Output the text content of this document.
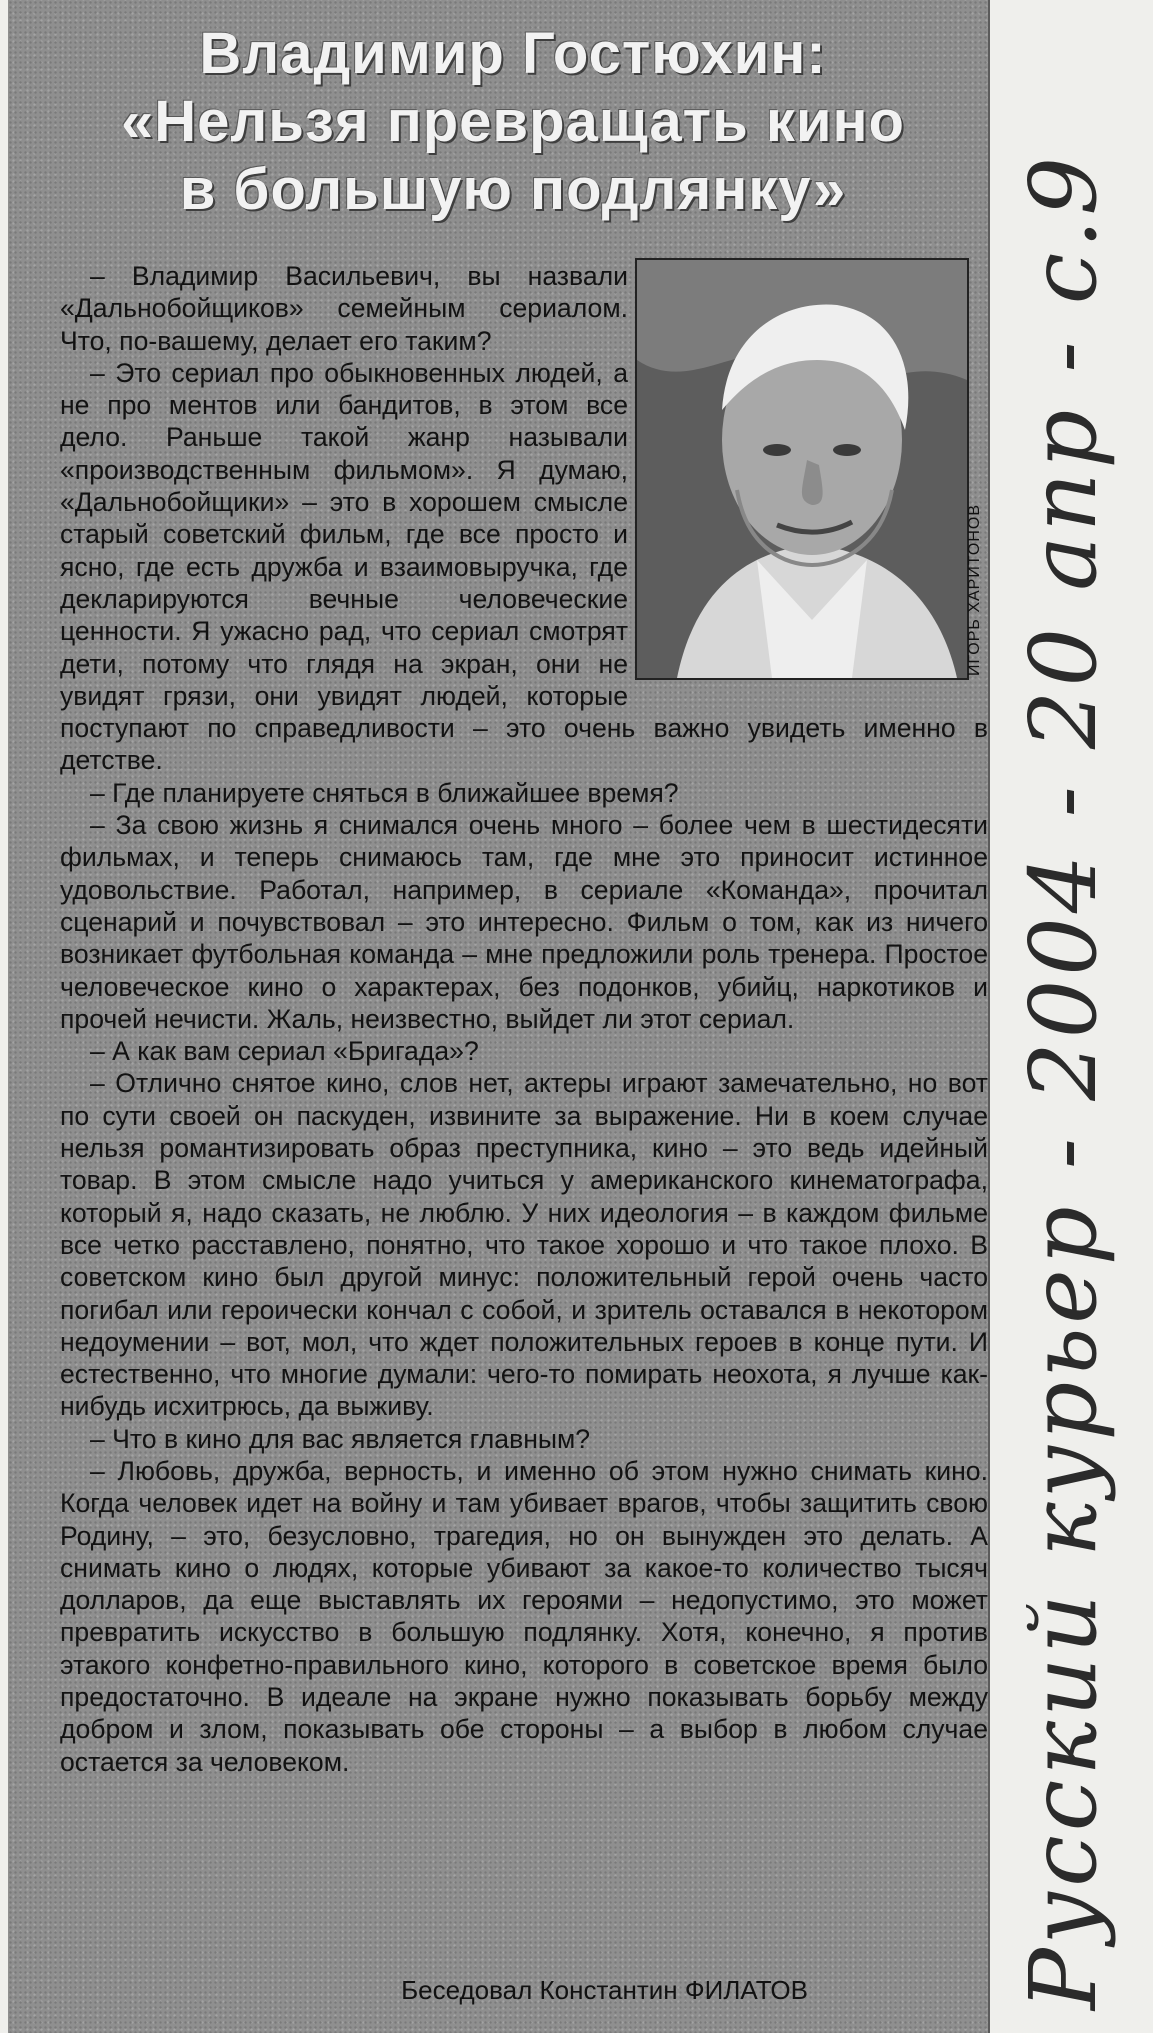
Владимир Гостюхин:
«Нельзя превращать кино
в большую подлянку»
ИГОРЬ ХАРИТОНОВ

– Владимир Васильевич, вы назвали «Дальнобойщиков» семейным сериалом. Что, по-вашему, делает его таким?

– Это сериал про обыкновенных людей, а не про ментов или бандитов, в этом все дело. Раньше такой жанр называли «производственным фильмом». Я думаю, «Дальнобойщики» – это в хорошем смысле старый советский фильм, где все просто и ясно, где есть дружба и взаимовыручка, где декларируются вечные человеческие ценности. Я ужасно рад, что сериал смотрят дети, потому что глядя на экран, они не увидят грязи, они увидят людей, которые поступают по справедливости – это очень важно увидеть именно в детстве.

– Где планируете сняться в ближайшее время?

– За свою жизнь я снимался очень много – более чем в шестидесяти фильмах, и теперь снимаюсь там, где мне это приносит истинное удовольствие. Работал, например, в сериале «Команда», прочитал сценарий и почувствовал – это интересно. Фильм о том, как из ничего возникает футбольная команда – мне предложили роль тренера. Простое человеческое кино о характерах, без подонков, убийц, наркотиков и прочей нечисти. Жаль, неизвестно, выйдет ли этот сериал.

– А как вам сериал «Бригада»?

– Отлично снятое кино, слов нет, актеры играют замечательно, но вот по сути своей он паскуден, извините за выражение. Ни в коем случае нельзя романтизировать образ преступника, кино – это ведь идейный товар. В этом смысле надо учиться у американского кинематографа, который я, надо сказать, не люблю. У них идеология – в каждом фильме все четко расставлено, понятно, что такое хорошо и что такое плохо. В советском кино был другой минус: положительный герой очень часто погибал или героически кончал с собой, и зритель оставался в некотором недоумении – вот, мол, что ждет положительных героев в конце пути. И естественно, что многие думали: чего-то помирать неохота, я лучше как-нибудь исхитрюсь, да выживу.

– Что в кино для вас является главным?

– Любовь, дружба, верность, и именно об этом нужно снимать кино. Когда человек идет на войну и там убивает врагов, чтобы защитить свою Родину, – это, безусловно, трагедия, но он вынужден это делать. А снимать кино о людях, которые убивают за какое-то количество тысяч долларов, да еще выставлять их героями – недопустимо, это может превратить искусство в большую подлянку. Хотя, конечно, я против этакого конфетно-правильного кино, которого в советское время было предостаточно. В идеале на экране нужно показывать борьбу между добром и злом, показывать обе стороны – а выбор в любом случае остается за человеком.

Беседовал Константин ФИЛАТОВ Русский курьер - 2004 - 20 апр - с.9
